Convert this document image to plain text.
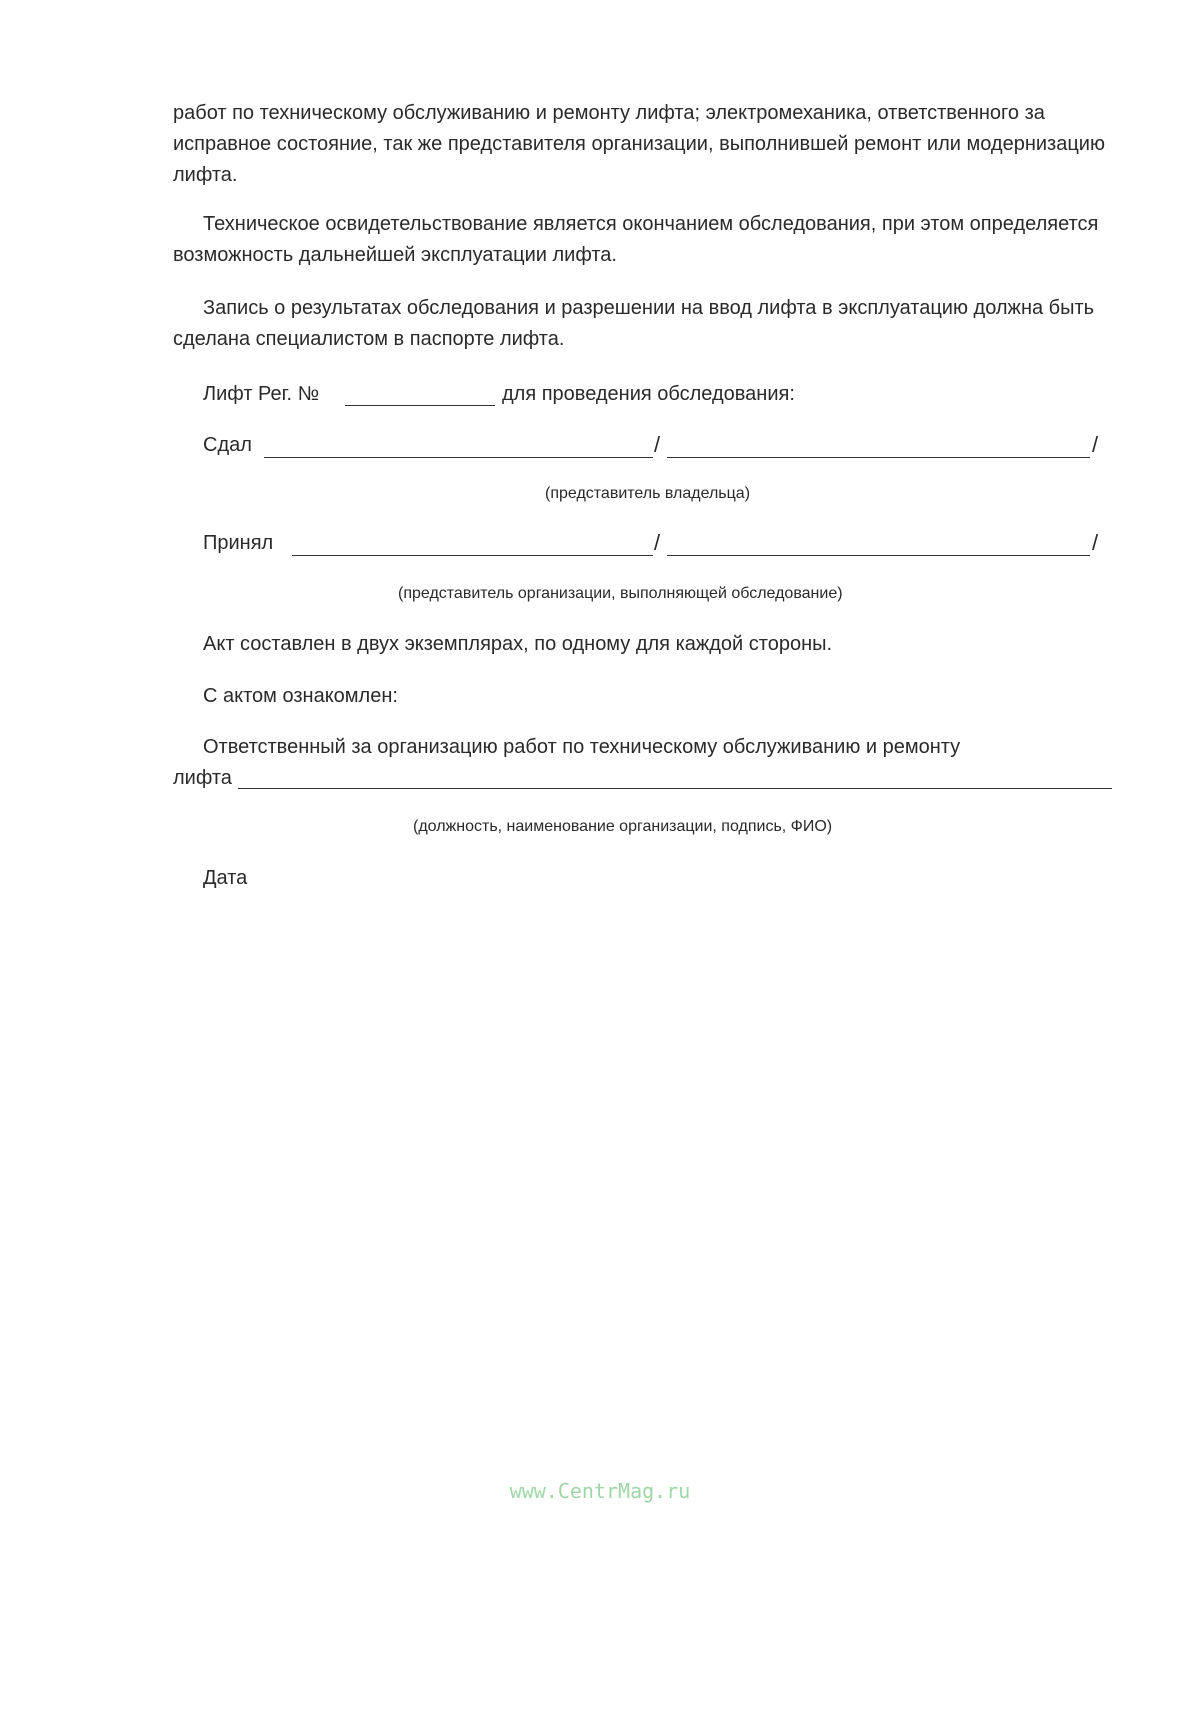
работ по техническому обслуживанию и ремонту лифта; электромеханика, ответственного за исправное состояние, так же представителя организации, выполнившей ремонт или модернизацию лифта.

Техническое освидетельствование является окончанием обследования, при этом определяется возможность дальнейшей эксплуатации лифта.

Запись о результатах обследования и разрешении на ввод лифта в эксплуатацию должна быть сделана специалистом в паспорте лифта.

Лифт Рег. №	для проведения обследования:
Сдал	/	/
(представитель владельца)
Принял	/	/
(представитель организации, выполняющей обследование)
Акт составлен в двух экземплярах, по одному для каждой стороны.
С актом ознакомлен:
Ответственный за организацию работ по техническому обслуживанию и ремонту
лифта
(должность, наименование организации, подпись, ФИО)
Дата
www.CentrMag.ru
